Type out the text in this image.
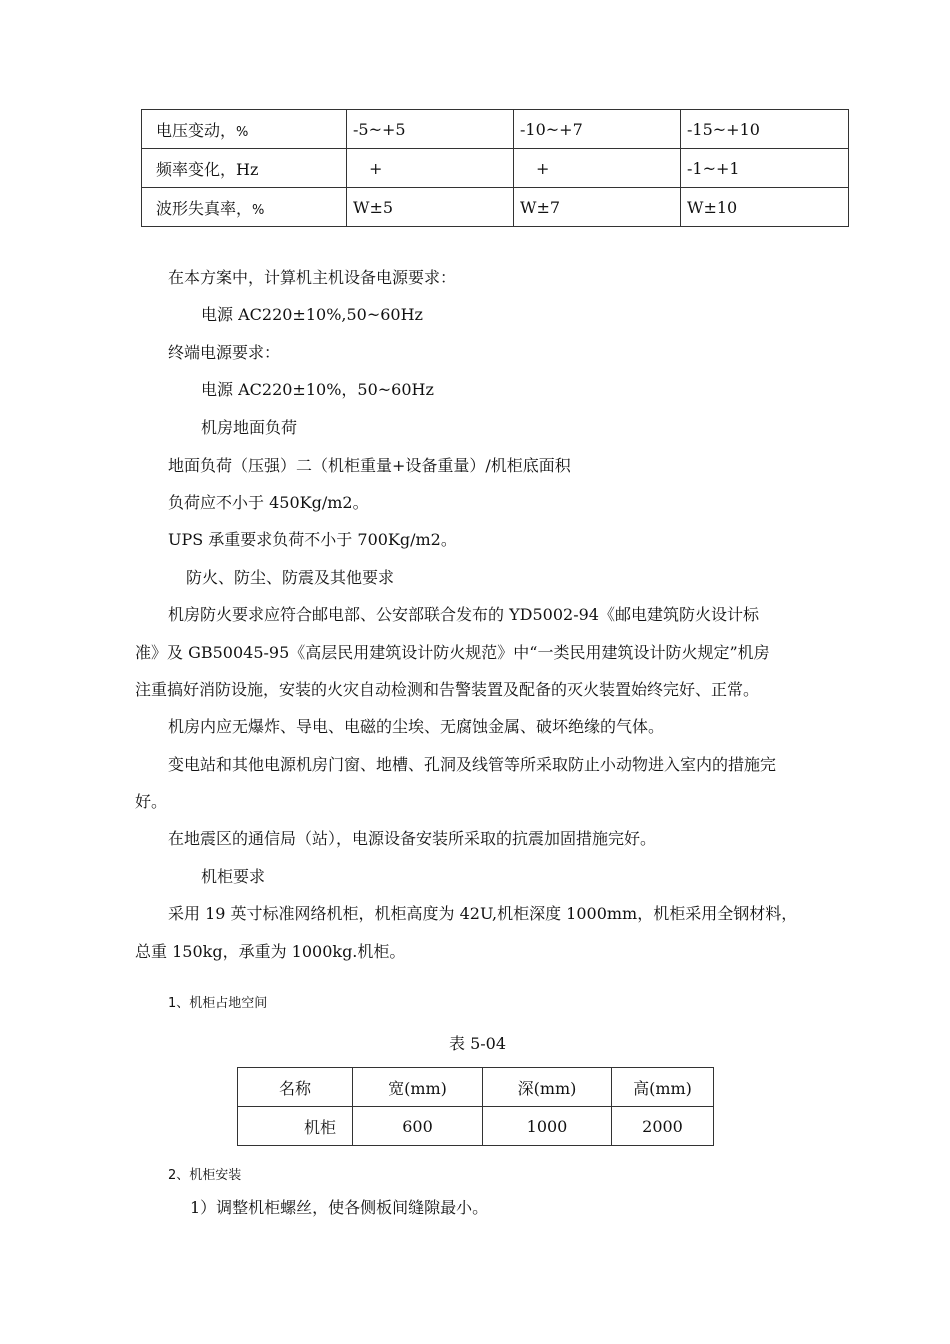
电压变动，%	-5~+5	-10~+7	-15~+10
频率变化，Hz	+	+	-1~+1
波形失真率，%	W±5	W±7	W±10
在本方案中，计算机主机设备电源要求：
电源 AC220±10%,50~60Hz
终端电源要求：
电源 AC220±10%，50~60Hz
机房地面负荷
地面负荷（压强）二（机柜重量+设备重量）/机柜底面积
负荷应不小于 450Kg/m2。
UPS 承重要求负荷不小于 700Kg/m2。
防火、防尘、防震及其他要求
机房防火要求应符合邮电部、公安部联合发布的 YD5002-94《邮电建筑防火设计标
准》及 GB50045-95《高层民用建筑设计防火规范》中“一类民用建筑设计防火规定”机房
注重搞好消防设施，安装的火灾自动检测和告警装置及配备的灭火装置始终完好、正常。
机房内应无爆炸、导电、电磁的尘埃、无腐蚀金属、破坏绝缘的气体。
变电站和其他电源机房门窗、地槽、孔洞及线管等所采取防止小动物进入室内的措施完
好。
在地震区的通信局（站），电源设备安装所采取的抗震加固措施完好。
机柜要求
采用 19 英寸标准网络机柜，机柜高度为 42U,机柜深度 1000mm，机柜采用全钢材料，
总重 150kg，承重为 1000kg.机柜。
1、机柜占地空间
表 5-04
名称	宽(mm)	深(mm)	高(mm)
机柜	600	1000	2000
2、机柜安装
1）调整机柜螺丝，使各侧板间缝隙最小。
